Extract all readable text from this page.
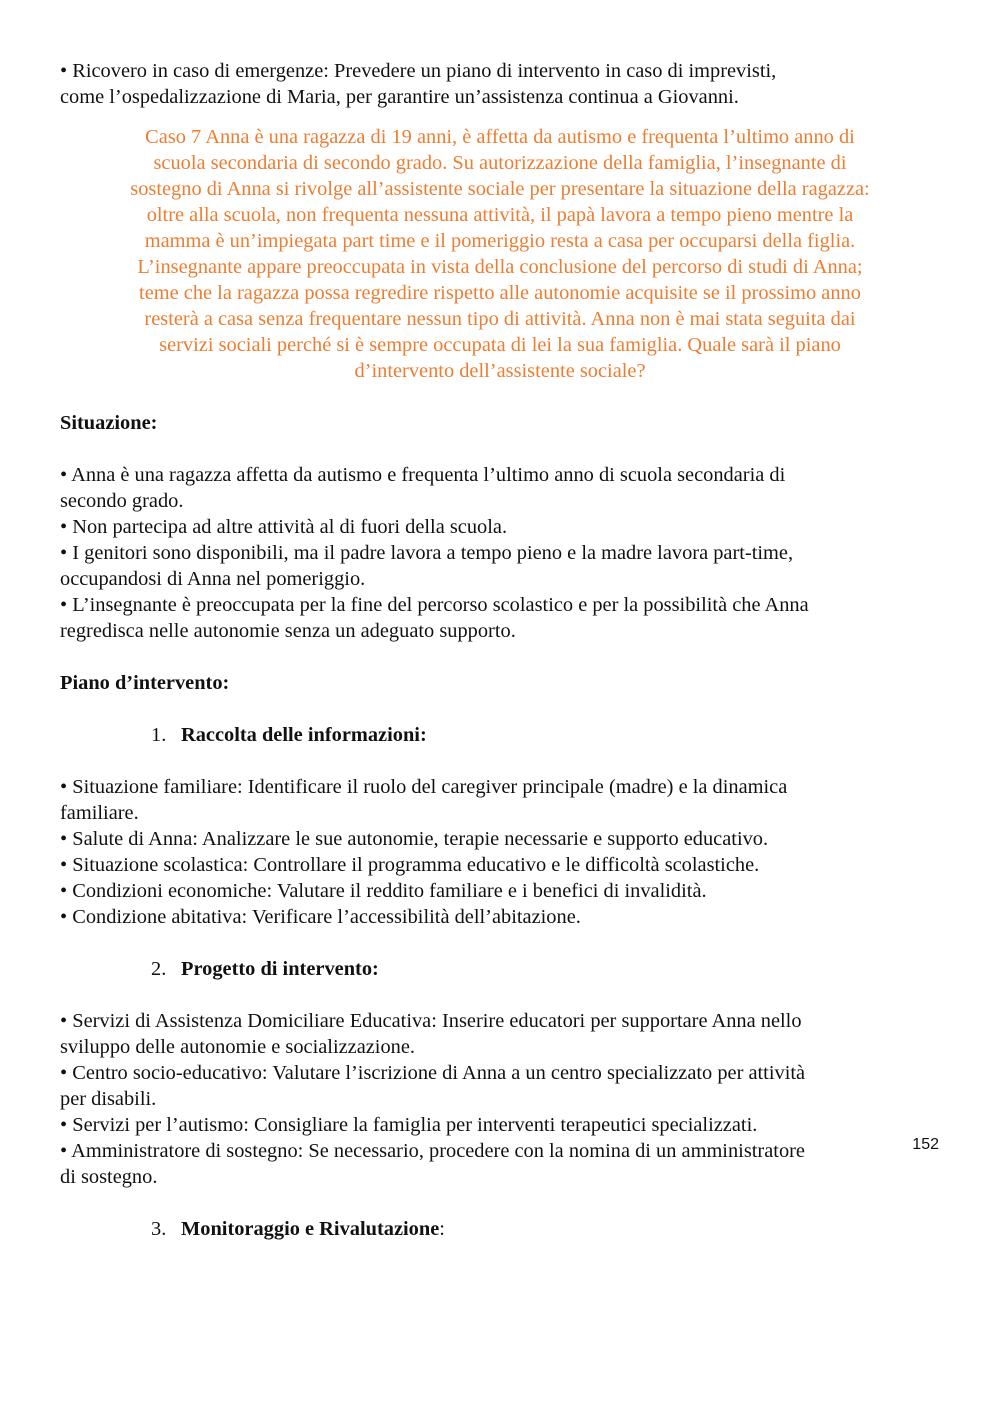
• Ricovero in caso di emergenze: Prevedere un piano di intervento in caso di imprevisti,
come l’ospedalizzazione di Maria, per garantire un’assistenza continua a Giovanni.
Caso 7 Anna è una ragazza di 19 anni, è affetta da autismo e frequenta l’ultimo anno di
scuola secondaria di secondo grado. Su autorizzazione della famiglia, l’insegnante di
sostegno di Anna si rivolge all’assistente sociale per presentare la situazione della ragazza:
oltre alla scuola, non frequenta nessuna attività, il papà lavora a tempo pieno mentre la
mamma è un’impiegata part time e il pomeriggio resta a casa per occuparsi della figlia.
L’insegnante appare preoccupata in vista della conclusione del percorso di studi di Anna;
teme che la ragazza possa regredire rispetto alle autonomie acquisite se il prossimo anno
resterà a casa senza frequentare nessun tipo di attività. Anna non è mai stata seguita dai
servizi sociali perché si è sempre occupata di lei la sua famiglia. Quale sarà il piano
d’intervento dell’assistente sociale?
Situazione:
• Anna è una ragazza affetta da autismo e frequenta l’ultimo anno di scuola secondaria di
secondo grado.
• Non partecipa ad altre attività al di fuori della scuola.
• I genitori sono disponibili, ma il padre lavora a tempo pieno e la madre lavora part-time,
occupandosi di Anna nel pomeriggio.
• L’insegnante è preoccupata per la fine del percorso scolastico e per la possibilità che Anna
regredisca nelle autonomie senza un adeguato supporto.
Piano d’intervento:
1. Raccolta delle informazioni:
• Situazione familiare: Identificare il ruolo del caregiver principale (madre) e la dinamica
familiare.
• Salute di Anna: Analizzare le sue autonomie, terapie necessarie e supporto educativo.
• Situazione scolastica: Controllare il programma educativo e le difficoltà scolastiche.
• Condizioni economiche: Valutare il reddito familiare e i benefici di invalidità.
• Condizione abitativa: Verificare l’accessibilità dell’abitazione.
2. Progetto di intervento:
• Servizi di Assistenza Domiciliare Educativa: Inserire educatori per supportare Anna nello
sviluppo delle autonomie e socializzazione.
• Centro socio-educativo: Valutare l’iscrizione di Anna a un centro specializzato per attività
per disabili.
• Servizi per l’autismo: Consigliare la famiglia per interventi terapeutici specializzati.
• Amministratore di sostegno: Se necessario, procedere con la nomina di un amministratore
di sostegno.
3. Monitoraggio e Rivalutazione:
152
